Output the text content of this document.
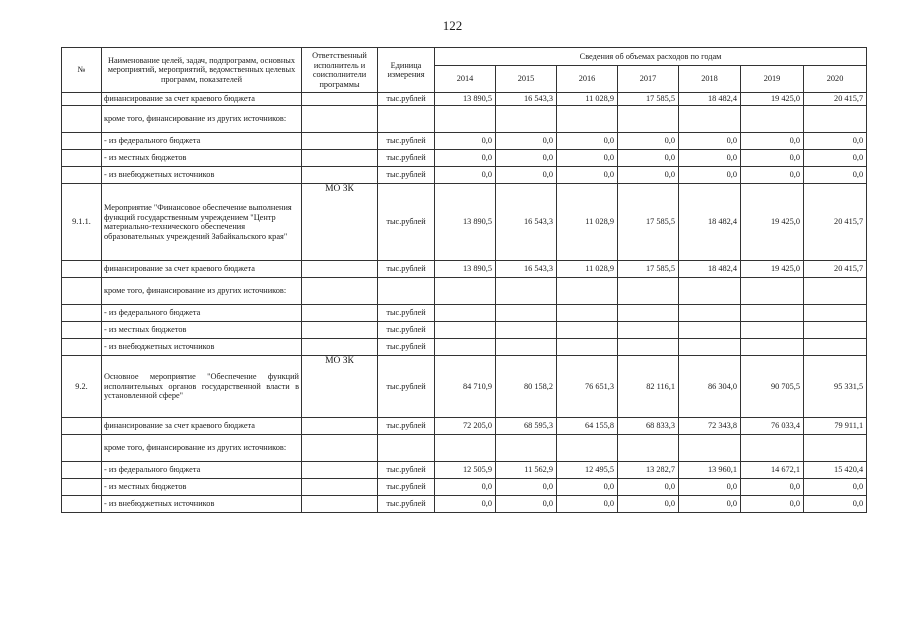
122
№	Наименование целей, задач, подпрограмм, основных мероприятий, мероприятий, ведомственных целевых программ, показателей	Ответственный исполнитель и соисполнители программы	Единица измерения	Сведения об объемах расходов по годам						
				2014	2015	2016	2017	2018	2019	2020
	финансирование за счет краевого бюджета		тыс.рублей	13 890,5	16 543,3	11 028,9	17 585,5	18 482,4	19 425,0	20 415,7
	кроме того, финансирование из других источников:									
	- из федерального бюджета		тыс.рублей	0,0	0,0	0,0	0,0	0,0	0,0	0,0
	- из местных бюджетов		тыс.рублей	0,0	0,0	0,0	0,0	0,0	0,0	0,0
	- из внебюджетных источников		тыс.рублей	0,0	0,0	0,0	0,0	0,0	0,0	0,0
9.1.1.	Мероприятие "Финансовое обеспечение выполнения функций государственным учреждением "Центр материально-технического обеспечения образовательных учреждений Забайкальского края"	МО ЗК	тыс.рублей	13 890,5	16 543,3	11 028,9	17 585,5	18 482,4	19 425,0	20 415,7
	финансирование за счет краевого бюджета		тыс.рублей	13 890,5	16 543,3	11 028,9	17 585,5	18 482,4	19 425,0	20 415,7
	кроме того, финансирование из других источников:									
	- из федерального бюджета		тыс.рублей							
	- из местных бюджетов		тыс.рублей							
	- из внебюджетных источников		тыс.рублей							
9.2.	Основное мероприятие "Обеспечение функций исполнительных органов государственной власти в установленной сфере"	МО ЗК	тыс.рублей	84 710,9	80 158,2	76 651,3	82 116,1	86 304,0	90 705,5	95 331,5
	финансирование за счет краевого бюджета		тыс.рублей	72 205,0	68 595,3	64 155,8	68 833,3	72 343,8	76 033,4	79 911,1
	кроме того, финансирование из других источников:									
	- из федерального бюджета		тыс.рублей	12 505,9	11 562,9	12 495,5	13 282,7	13 960,1	14 672,1	15 420,4
	- из местных бюджетов		тыс.рублей	0,0	0,0	0,0	0,0	0,0	0,0	0,0
	- из внебюджетных источников		тыс.рублей	0,0	0,0	0,0	0,0	0,0	0,0	0,0
